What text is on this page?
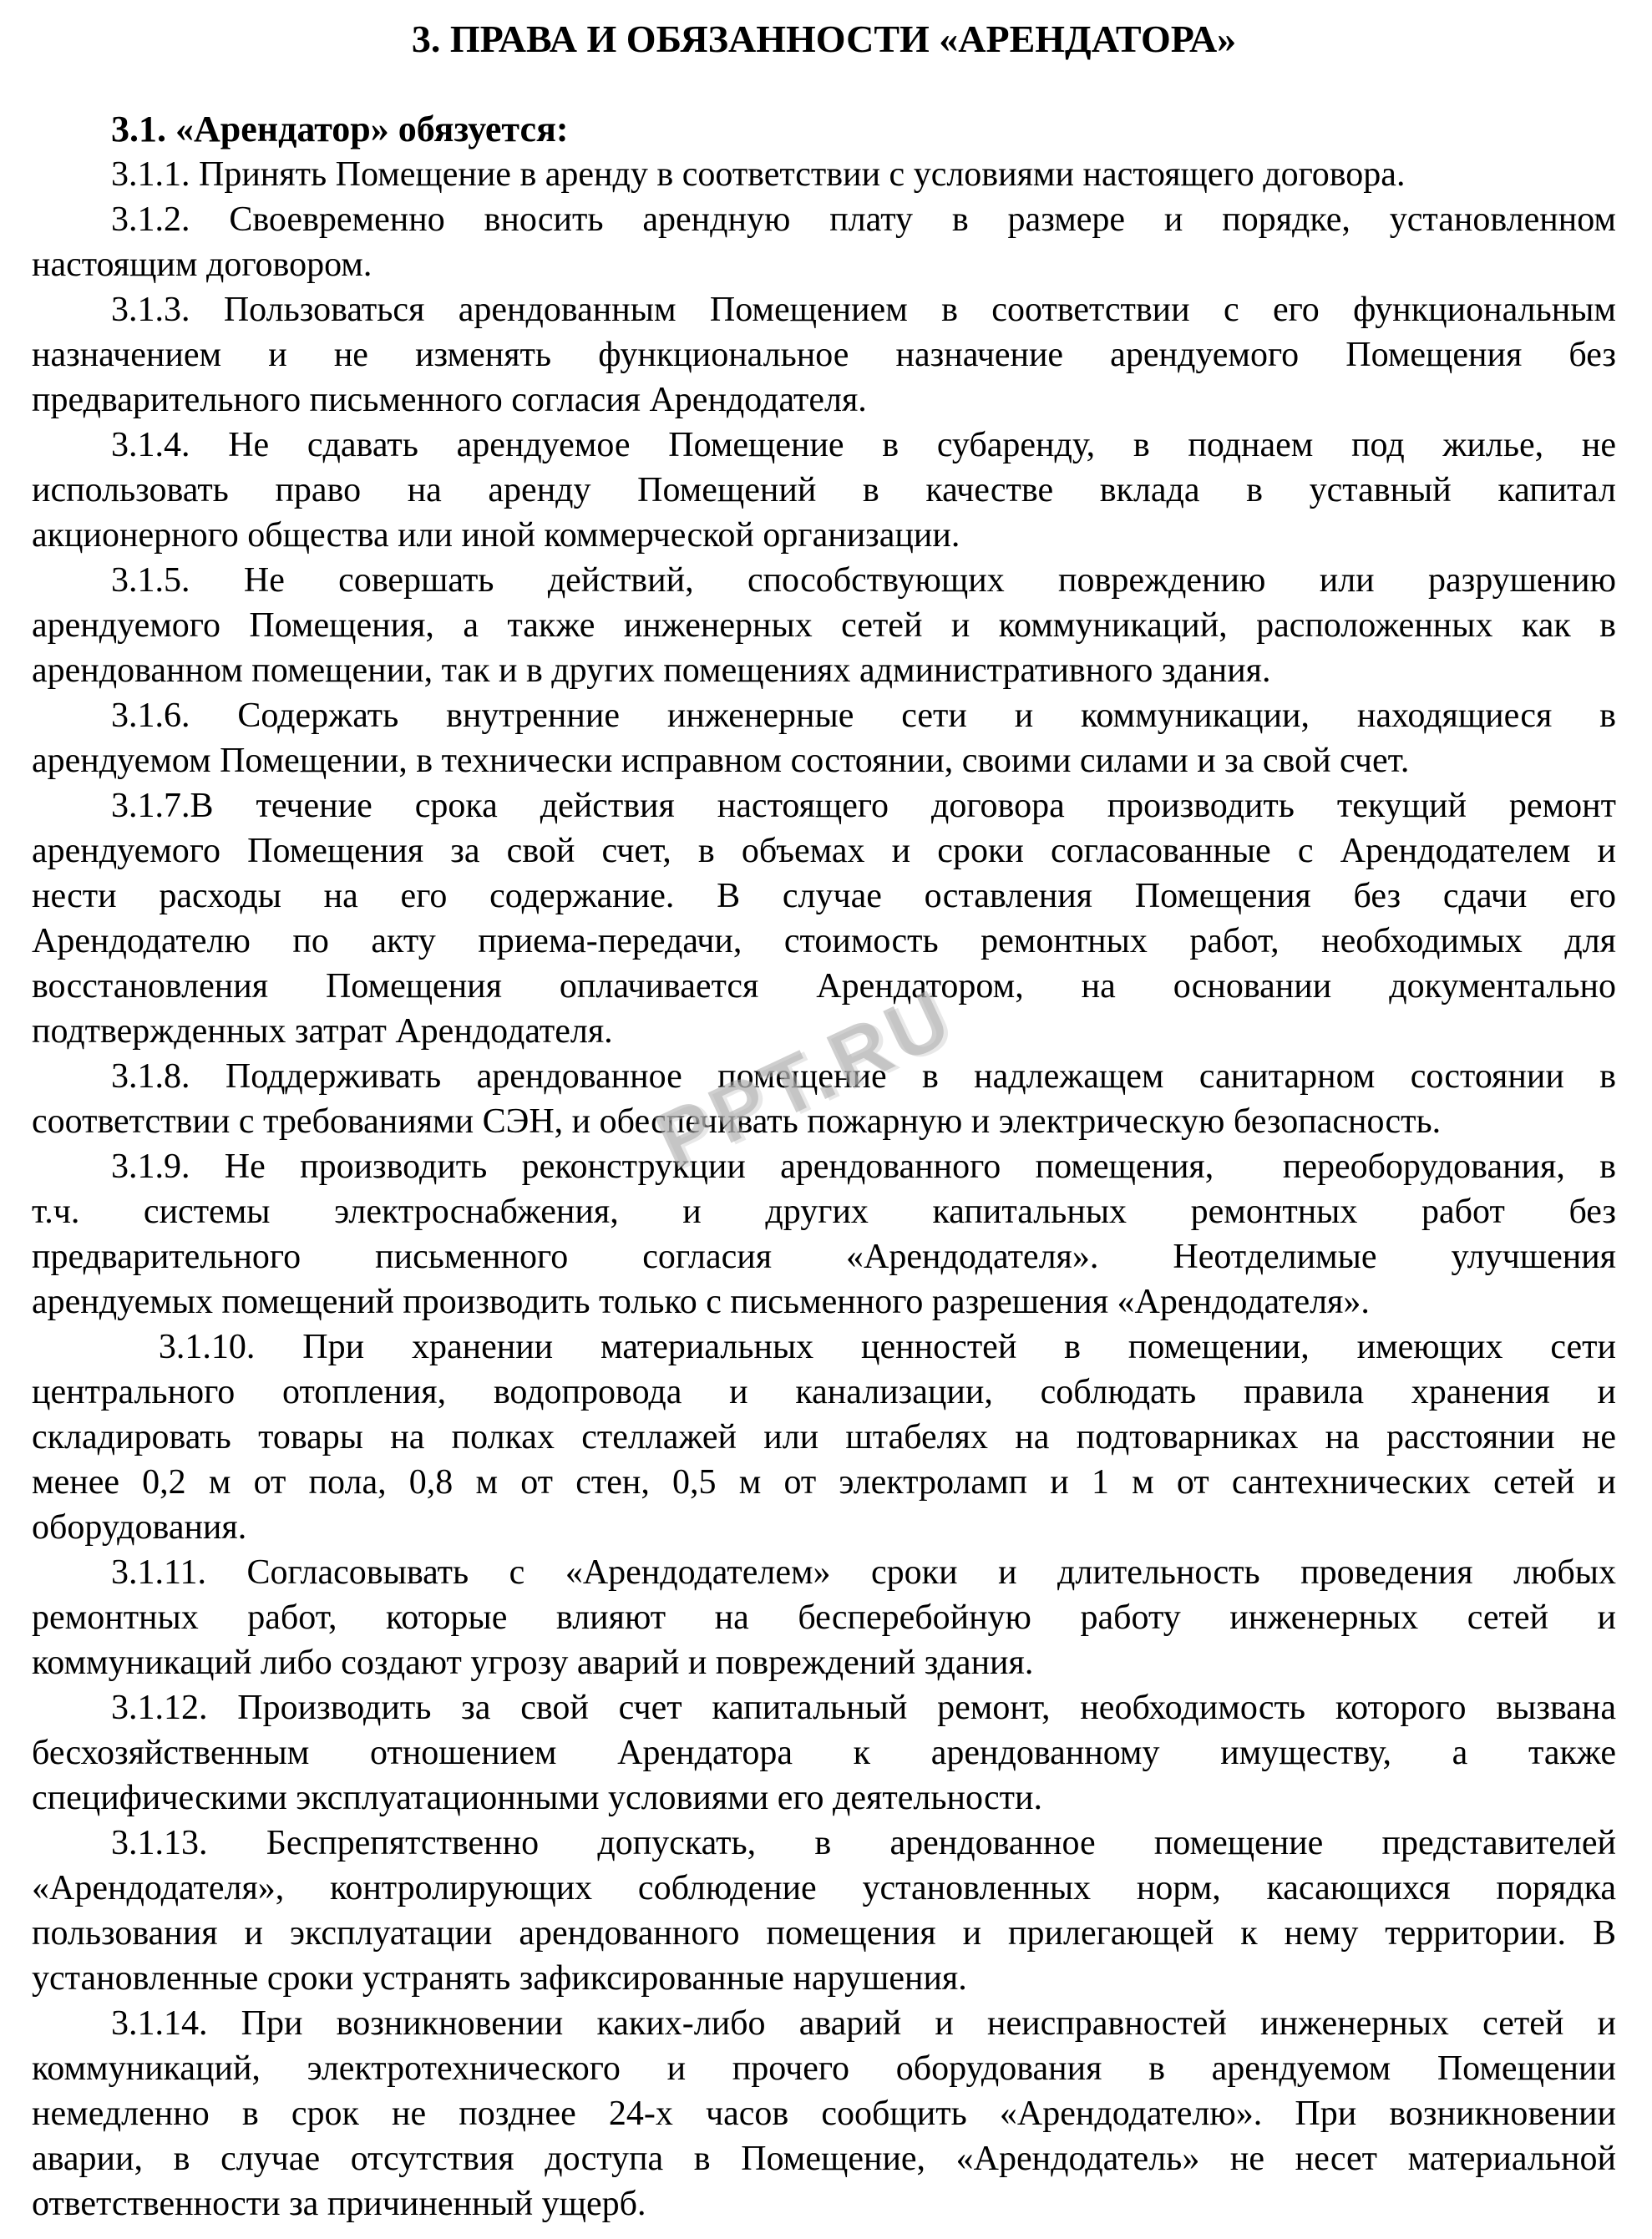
PPT.RU
3. ПРАВА И ОБЯЗАННОСТИ «АРЕНДАТОРА»

3.1. «Арендатор» обязуется:

3.1.1. Принять Помещение в аренду в соответствии с условиями настоящего договора.
3.1.2. Своевременно вносить арендную плату в размере и порядке, установленном
настоящим договором.
3.1.3. Пользоваться арендованным Помещением в соответствии с его функциональным
назначением и не изменять функциональное назначение арендуемого Помещения без
предварительного письменного согласия Арендодателя.
3.1.4. Не сдавать арендуемое Помещение в субаренду, в поднаем под жилье, не
использовать право на аренду Помещений в качестве вклада в уставный капитал
акционерного общества или иной коммерческой организации.
3.1.5. Не совершать действий, способствующих повреждению или разрушению
арендуемого Помещения, а также инженерных сетей и коммуникаций, расположенных как в
арендованном помещении, так и в других помещениях административного здания.
3.1.6. Содержать внутренние инженерные сети и коммуникации, находящиеся в
арендуемом Помещении, в технически исправном состоянии, своими силами и за свой счет.
3.1.7.В течение срока действия настоящего договора производить текущий ремонт
арендуемого Помещения за свой счет, в объемах и сроки согласованные с Арендодателем и
нести расходы на его содержание. В случае оставления Помещения без сдачи его
Арендодателю по акту приема-передачи, стоимость ремонтных работ, необходимых для
восстановления Помещения оплачивается Арендатором, на основании документально
подтвержденных затрат Арендодателя.
3.1.8. Поддерживать арендованное помещение в надлежащем санитарном состоянии в
соответствии с требованиями СЭН, и обеспечивать пожарную и электрическую безопасность.
3.1.9. Не производить реконструкции арендованного помещения,  переоборудования, в
т.ч. системы электроснабжения, и других капитальных ремонтных работ без
предварительного письменного согласия «Арендодателя». Неотделимые улучшения
арендуемых помещений производить только с письменного разрешения «Арендодателя».
3.1.10. При хранении материальных ценностей в помещении, имеющих сети
центрального отопления, водопровода и канализации, соблюдать правила хранения и
складировать товары на полках стеллажей или штабелях на подтоварниках на расстоянии не
менее 0,2 м от пола, 0,8 м от стен, 0,5 м от электроламп и 1 м от сантехнических сетей и
оборудования.
3.1.11. Согласовывать с «Арендодателем» сроки и длительность проведения любых
ремонтных работ, которые влияют на бесперебойную работу инженерных сетей и
коммуникаций либо создают угрозу аварий и повреждений здания.
3.1.12. Производить за свой счет капитальный ремонт, необходимость которого вызвана
бесхозяйственным отношением Арендатора к арендованному имуществу, а также
специфическими эксплуатационными условиями его деятельности.
3.1.13. Беспрепятственно допускать, в арендованное помещение представителей
«Арендодателя», контролирующих соблюдение установленных норм, касающихся порядка
пользования и эксплуатации арендованного помещения и прилегающей к нему территории. В
установленные сроки устранять зафиксированные нарушения.
3.1.14. При возникновении каких-либо аварий и неисправностей инженерных сетей и
коммуникаций, электротехнического и прочего оборудования в арендуемом Помещении
немедленно в срок не позднее 24-х часов сообщить «Арендодателю». При возникновении
аварии, в случае отсутствия доступа в Помещение, «Арендодатель» не несет материальной
ответственности за причиненный ущерб.
